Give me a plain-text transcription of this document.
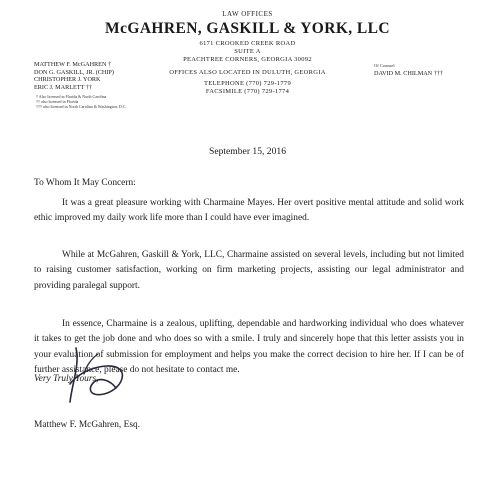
LAW OFFICES
McGAHREN, GASKILL & YORK, LLC
6171 CROOKED CREEK ROAD
SUITE A
PEACHTREE CORNERS, GEORGIA 30092
OFFICES ALSO LOCATED IN DULUTH, GEORGIA
TELEPHONE (770) 729-1779
FACSIMILE (770) 729-1774
MATTHEW F. McGAHREN †
DON G. GASKILL, JR. (CHIP)
CHRISTOPHER J. YORK
ERIC J. MARLETT ††
† Also licensed in Florida & North Carolina
†† also licensed in Florida
††† also licensed in North Carolina & Washington, D.C.
Of Counsel
DAVID M. CHILMAN †††
September 15, 2016
To Whom It May Concern:
It was a great pleasure working with Charmaine Mayes. Her overt positive mental attitude and solid work ethic improved my daily work life more than I could have ever imagined.
While at McGahren, Gaskill & York, LLC, Charmaine assisted on several levels, including but not limited to raising customer satisfaction, working on firm marketing projects, assisting our legal administrator and providing paralegal support.
In essence, Charmaine is a zealous, uplifting, dependable and hardworking individual who does whatever it takes to get the job done and who does so with a smile. I truly and sincerely hope that this letter assists you in your evaluation of submission for employment and helps you make the correct decision to hire her. If I can be of further assistance, please do not hesitate to contact me.
Very Truly Yours,
Matthew F. McGahren, Esq.
